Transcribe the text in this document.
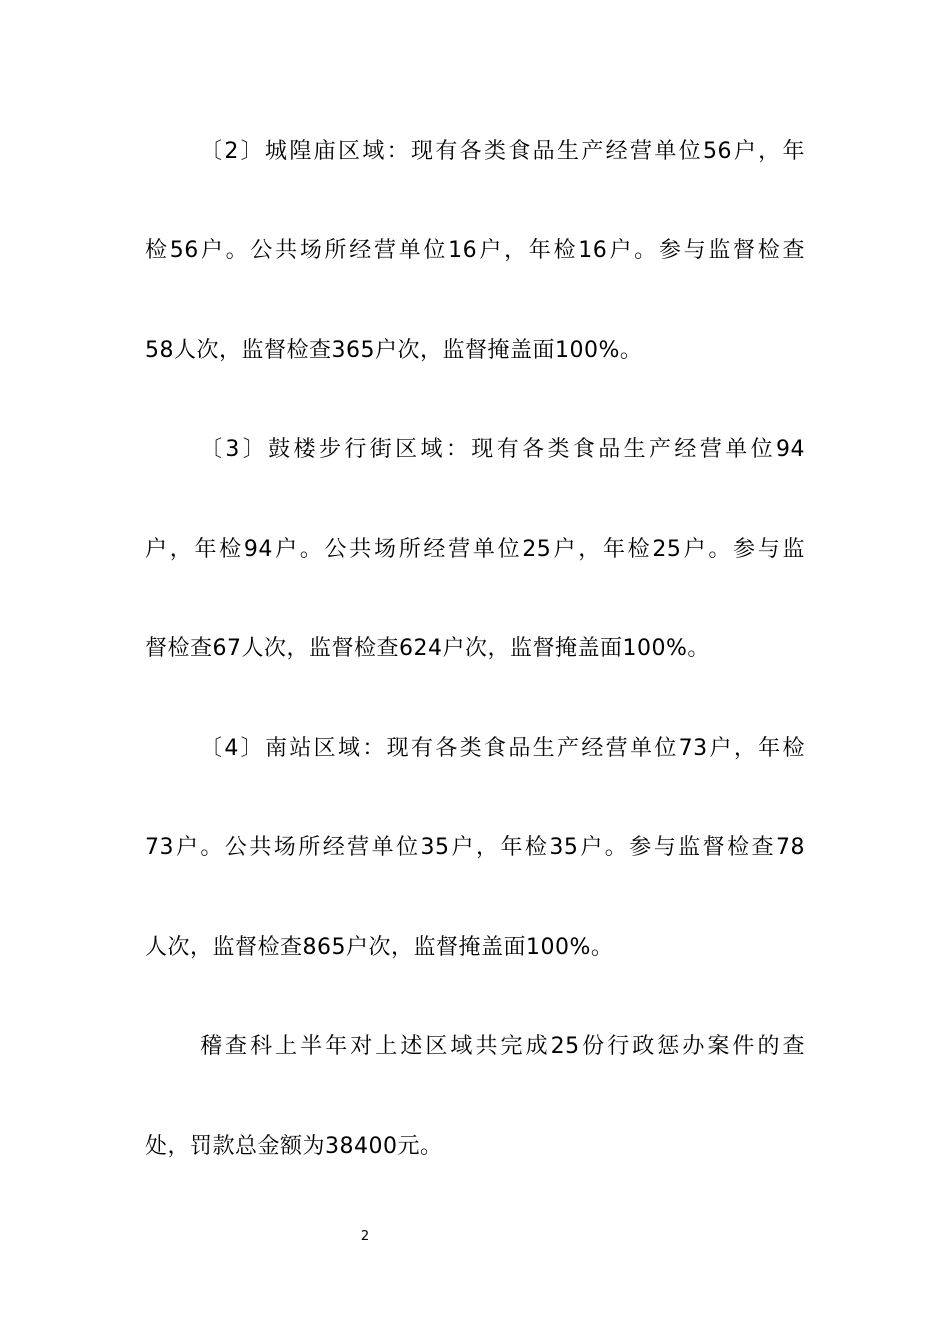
〔2〕城隍庙区域：现有各类食品生产经营单位56户，年
检56户。公共场所经营单位16户，年检16户。参与监督检查
58人次，监督检查365户次，监督掩盖面100%。
〔3〕鼓楼步行街区域：现有各类食品生产经营单位94
户，年检94户。公共场所经营单位25户，年检25户。参与监
督检查67人次，监督检查624户次，监督掩盖面100%。
〔4〕南站区域：现有各类食品生产经营单位73户，年检
73户。公共场所经营单位35户，年检35户。参与监督检查78
人次，监督检查865户次，监督掩盖面100%。
稽查科上半年对上述区域共完成25份行政惩办案件的查
处，罚款总金额为38400元。
2
